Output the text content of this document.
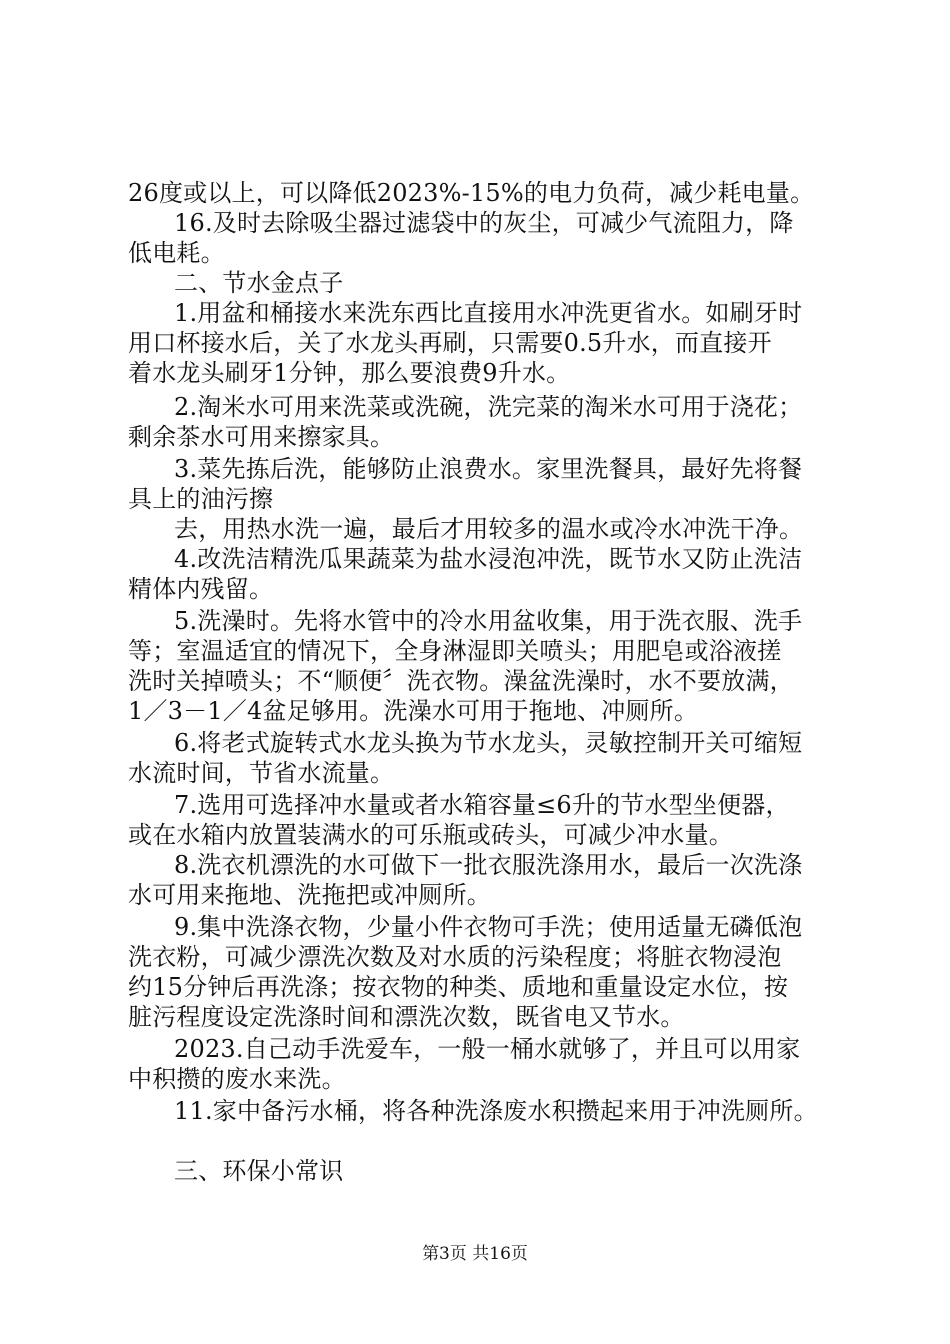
26度或以上，可以降低2023%-15%的电力负荷，减少耗电量。
16.及时去除吸尘器过滤袋中的灰尘，可减少气流阻力，降
低电耗。
二、节水金点子
1.用盆和桶接水来洗东西比直接用水冲洗更省水。如刷牙时
用口杯接水后，关了水龙头再刷，只需要0.5升水，而直接开
着水龙头刷牙1分钟，那么要浪费9升水。
2.淘米水可用来洗菜或洗碗，洗完菜的淘米水可用于浇花；
剩余茶水可用来擦家具。
3.菜先拣后洗，能够防止浪费水。家里洗餐具，最好先将餐
具上的油污擦
去，用热水洗一遍，最后才用较多的温水或冷水冲洗干净。
4.改洗洁精洗瓜果蔬菜为盐水浸泡冲洗，既节水又防止洗洁
精体内残留。
5.洗澡时。先将水管中的冷水用盆收集，用于洗衣服、洗手
等；室温适宜的情况下，全身淋湿即关喷头；用肥皂或浴液搓
洗时关掉喷头；不“顺便〞洗衣物。澡盆洗澡时，水不要放满，
1／3－1／4盆足够用。洗澡水可用于拖地、冲厕所。
6.将老式旋转式水龙头换为节水龙头，灵敏控制开关可缩短
水流时间，节省水流量。
7.选用可选择冲水量或者水箱容量≤6升的节水型坐便器，
或在水箱内放置装满水的可乐瓶或砖头，可减少冲水量。
8.洗衣机漂洗的水可做下一批衣服洗涤用水，最后一次洗涤
水可用来拖地、洗拖把或冲厕所。
9.集中洗涤衣物，少量小件衣物可手洗；使用适量无磷低泡
洗衣粉，可减少漂洗次数及对水质的污染程度；将脏衣物浸泡
约15分钟后再洗涤；按衣物的种类、质地和重量设定水位，按
脏污程度设定洗涤时间和漂洗次数，既省电又节水。
2023.自己动手洗爱车，一般一桶水就够了，并且可以用家
中积攒的废水来洗。
11.家中备污水桶，将各种洗涤废水积攒起来用于冲洗厕所。
三、环保小常识
第3页 共16页
